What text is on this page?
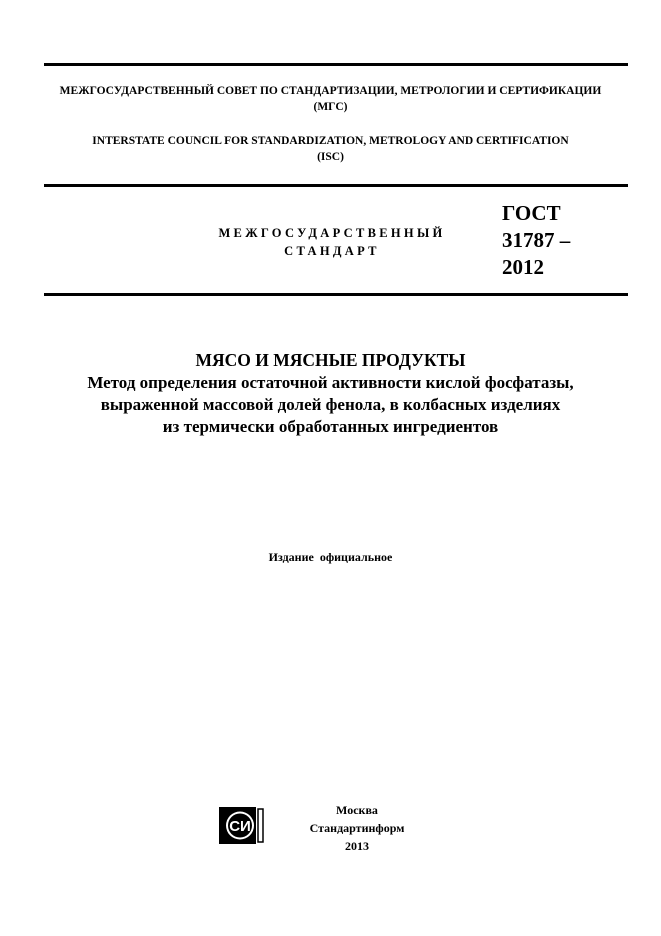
МЕЖГОСУДАРСТВЕННЫЙ СОВЕТ ПО СТАНДАРТИЗАЦИИ, МЕТРОЛОГИИ И СЕРТИФИКАЦИИ
(МГС)
INTERSTATE COUNCIL FOR STANDARDIZATION, METROLOGY AND CERTIFICATION
(ISC)
МЕЖГОСУДАРСТВЕННЫЙ
СТАНДАРТ
ГОСТ
31787 –
2012
МЯСО И МЯСНЫЕ ПРОДУКТЫ
Метод определения остаточной активности кислой фосфатазы,
выраженной массовой долей фенола, в колбасных изделиях
из термически обработанных ингредиентов
Издание  официальное
СИ
Москва
Стандартинформ
2013
